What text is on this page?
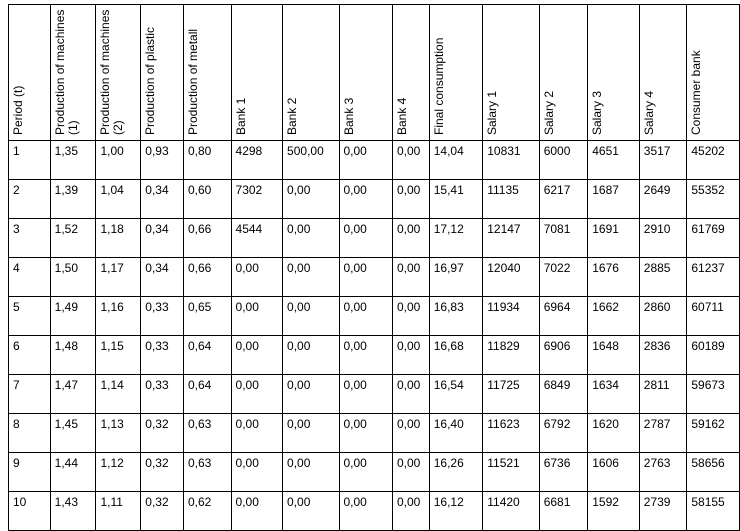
Period (t)	Production of machines (1)	Production of machines (2)	Production of plastic	Production of metall	Bank 1	Bank 2	Bank 3	Bank 4	Final consumption	Salary 1	Salary 2	Salary 3	Salary 4	Consumer bank

1	1,35	1,00	0,93	0,80	4298	500,00	0,00	0,00	14,04	10831	6000	4651	3517	45202
2	1,39	1,04	0,34	0,60	7302	0,00	0,00	0,00	15,41	11135	6217	1687	2649	55352
3	1,52	1,18	0,34	0,66	4544	0,00	0,00	0,00	17,12	12147	7081	1691	2910	61769
4	1,50	1,17	0,34	0,66	0,00	0,00	0,00	0,00	16,97	12040	7022	1676	2885	61237
5	1,49	1,16	0,33	0,65	0,00	0,00	0,00	0,00	16,83	11934	6964	1662	2860	60711
6	1,48	1,15	0,33	0,64	0,00	0,00	0,00	0,00	16,68	11829	6906	1648	2836	60189
7	1,47	1,14	0,33	0,64	0,00	0,00	0,00	0,00	16,54	11725	6849	1634	2811	59673
8	1,45	1,13	0,32	0,63	0,00	0,00	0,00	0,00	16,40	11623	6792	1620	2787	59162
9	1,44	1,12	0,32	0,63	0,00	0,00	0,00	0,00	16,26	11521	6736	1606	2763	58656
10	1,43	1,11	0,32	0,62	0,00	0,00	0,00	0,00	16,12	11420	6681	1592	2739	58155
